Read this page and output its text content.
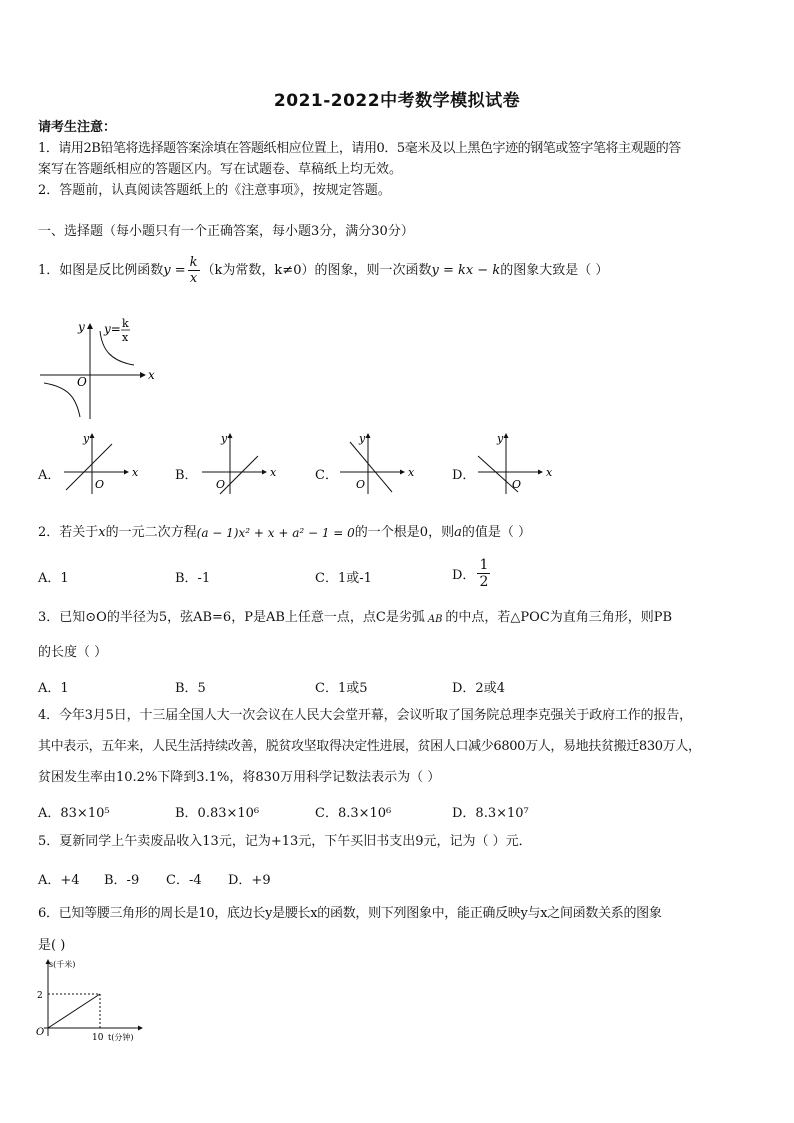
2021-2022中考数学模拟试卷
请考生注意：
1．请用2B铅笔将选择题答案涂填在答题纸相应位置上，请用0．5毫米及以上黑色字迹的钢笔或签字笔将主观题的答
案写在答题纸相应的答题区内。写在试题卷、草稿纸上均无效。
2．答题前，认真阅读答题纸上的《注意事项》，按规定答题。
一、选择题（每小题只有一个正确答案，每小题3分，满分30分）
1．如图是反比例函数 $y = \frac{k}{x} (k$为常数，k≠0）的图象，则一次函数 y = kx − k 的图象大致是（ ）
y
x
O
y= k
x
A．
y
x
O
B．
y
x
O
C．
y
x
O
D．
y
x
O
2．若关于 x 的一元二次方程 (a − 1)x² + x + a² − 1 = 0 的一个根是0，则 a 的值是（ ）
A．1	B．-1	C．1或-1	D． $\frac{1}{2}$
3．已知⊙O的半径为5，弦AB=6，P是AB上任意一点，点C是劣弧 AB 的中点，若△POC为直角三角形，则PB
的长度（ ）
A．1	B．5	C．1或5	D．2或4
4．今年3月5日，十三届全国人大一次会议在人民大会堂开幕，会议听取了国务院总理李克强关于政府工作的报告，
其中表示，五年来，人民生活持续改善，脱贫攻坚取得决定性进展，贫困人口减少6800万人，易地扶贫搬迁830万人，
贫困发生率由10.2%下降到3.1%，将830万用科学记数法表示为（ ）
A．83×10⁵	B．0.83×10⁶	C．8.3×10⁶	D．8.3×10⁷
5．夏新同学上午卖废品收入13元，记为+13元，下午买旧书支出9元，记为（ ）元．
A．+4 B．-9 C．-4 D．+9
6．已知等腰三角形的周长是10，底边长y是腰长x的函数，则下列图象中，能正确反映y与x之间函数关系的图象
是( )
s(千米)
2
O	10 t(分钟)
